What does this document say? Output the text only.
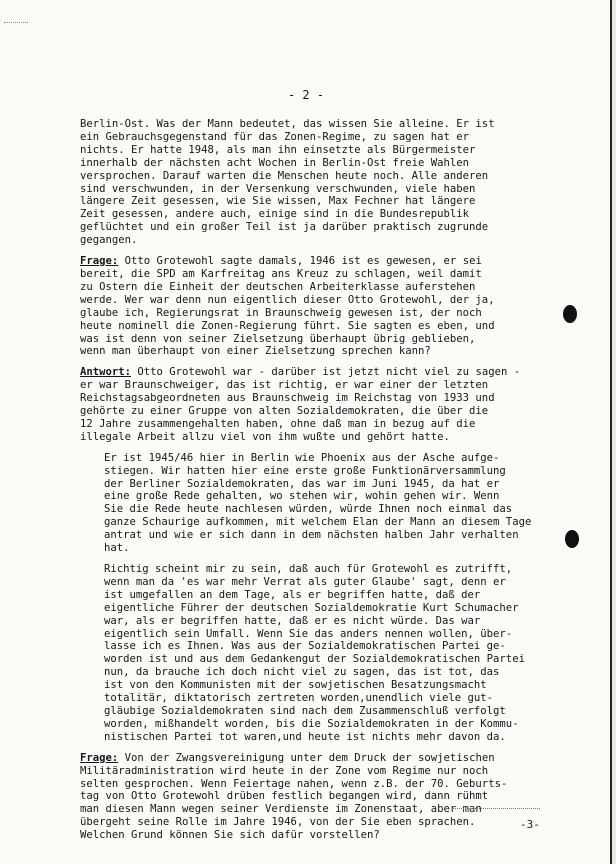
- 2 -
Berlin-Ost. Was der Mann bedeutet, das wissen Sie alleine. Er ist
ein Gebrauchsgegenstand für das Zonen-Regime, zu sagen hat er
nichts. Er hatte 1948, als man ihn einsetzte als Bürgermeister
innerhalb der nächsten acht Wochen in Berlin-Ost freie Wahlen
versprochen. Darauf warten die Menschen heute noch. Alle anderen
sind verschwunden, in der Versenkung verschwunden, viele haben
längere Zeit gesessen, wie Sie wissen, Max Fechner hat längere
Zeit gesessen, andere auch, einige sind in die Bundesrepublik
geflüchtet und ein großer Teil ist ja darüber praktisch zugrunde
gegangen.
Frage: Otto Grotewohl sagte damals, 1946 ist es gewesen, er sei
bereit, die SPD am Karfreitag ans Kreuz zu schlagen, weil damit
zu Ostern die Einheit der deutschen Arbeiterklasse auferstehen
werde. Wer war denn nun eigentlich dieser Otto Grotewohl, der ja,
glaube ich, Regierungsrat in Braunschweig gewesen ist, der noch
heute nominell die Zonen-Regierung führt. Sie sagten es eben, und
was ist denn von seiner Zielsetzung überhaupt übrig geblieben,
wenn man überhaupt von einer Zielsetzung sprechen kann?
Antwort: Otto Grotewohl war - darüber ist jetzt nicht viel zu sagen -
er war Braunschweiger, das ist richtig, er war einer der letzten
Reichstagsabgeordneten aus Braunschweig im Reichstag von 1933 und
gehörte zu einer Gruppe von alten Sozialdemokraten, die über die
12 Jahre zusammengehalten haben, ohne daß man in bezug auf die
illegale Arbeit allzu viel von ihm wußte und gehört hatte.
Er ist 1945/46 hier in Berlin wie Phoenix aus der Asche aufge-
stiegen. Wir hatten hier eine erste große Funktionärversammlung
der Berliner Sozialdemokraten, das war im Juni 1945, da hat er
eine große Rede gehalten, wo stehen wir, wohin gehen wir. Wenn
Sie die Rede heute nachlesen würden, würde Ihnen noch einmal das
ganze Schaurige aufkommen, mit welchem Elan der Mann an diesem Tage
antrat und wie er sich dann in dem nächsten halben Jahr verhalten
hat.
Richtig scheint mir zu sein, daß auch für Grotewohl es zutrifft,
wenn man da 'es war mehr Verrat als guter Glaube' sagt, denn er
ist umgefallen an dem Tage, als er begriffen hatte, daß der
eigentliche Führer der deutschen Sozialdemokratie Kurt Schumacher
war, als er begriffen hatte, daß er es nicht würde. Das war
eigentlich sein Umfall. Wenn Sie das anders nennen wollen, über-
lasse ich es Ihnen. Was aus der Sozialdemokratischen Partei ge-
worden ist und aus dem Gedankengut der Sozialdemokratischen Partei
nun, da brauche ich doch nicht viel zu sagen, das ist tot, das
ist von den Kommunisten mit der sowjetischen Besatzungsmacht
totalitär, diktatorisch zertreten worden,unendlich viele gut-
gläubige Sozialdemokraten sind nach dem Zusammenschluß verfolgt
worden, mißhandelt worden, bis die Sozialdemokraten in der Kommu-
nistischen Partei tot waren,und heute ist nichts mehr davon da.
Frage: Von der Zwangsvereinigung unter dem Druck der sowjetischen
Militäradministration wird heute in der Zone vom Regime nur noch
selten gesprochen. Wenn Feiertage nahen, wenn z.B. der 70. Geburts-
tag von Otto Grotewohl drüben festlich begangen wird, dann rühmt
man diesen Mann wegen seiner Verdienste im Zonenstaat, aber man
übergeht seine Rolle im Jahre 1946, von der Sie eben sprachen.
Welchen Grund können Sie sich dafür vorstellen?
-3-
